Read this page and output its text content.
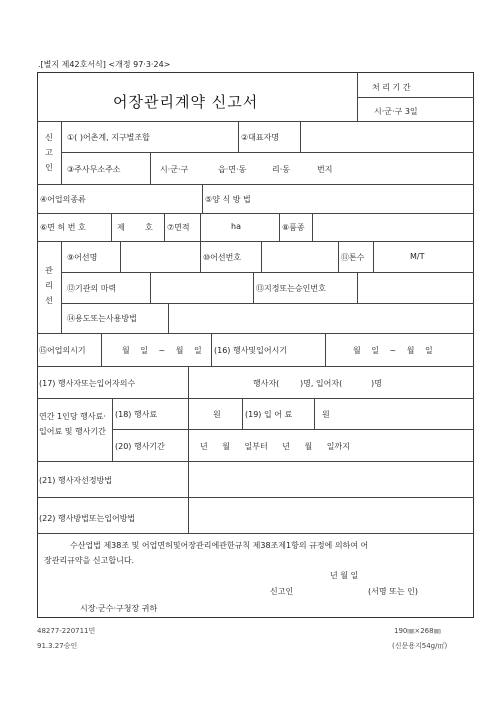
.[별지 제42호서식] <개정 97·3·24>
어장관리계약 신고서
처 리 기 간
시·군·구 3일
신고인
①( )어촌계, 지구별조합	②대표자명
③주사무소주소	시·군·구	읍·면·동	리·동	번지
④어업의종류	⑤양 식 방 법
⑥면 허 번 호	제	호 ⑦면적	ha	⑧품종
관리선
⑨어선명	⑩어선번호	⑪톤수	M/T
⑫기관의 마력	⑬지정또는승인번호
⑭용도또는사용방법
⑮어업의시기	월 일 ~ 월 일 (16) 행사및입어시기	월 일 ~ 월 일
(17) 행사자또는입어자의수	행사자(	)명, 입어자(	)명
연간 1인당 행사료·입어료 및 행사기간
(18) 행사료	원	(19) 입 어 료	원
(20) 행사기간	년 월 일부터 년 월 일까지
(21) 행사자선정방법
(22) 행사방법또는입어방법
수산업법 제38조 및 어업면허및어장관리에관한규칙 제38조제1항의 규정에 의하여 어
장관리규약을 신고합니다.
년 월 일
신고인	(서명 또는 인)
시장·군수·구청장 귀하
48277-220711민
91.3.27승인
190㎜×268㎜
(신문용지54g/㎡)
